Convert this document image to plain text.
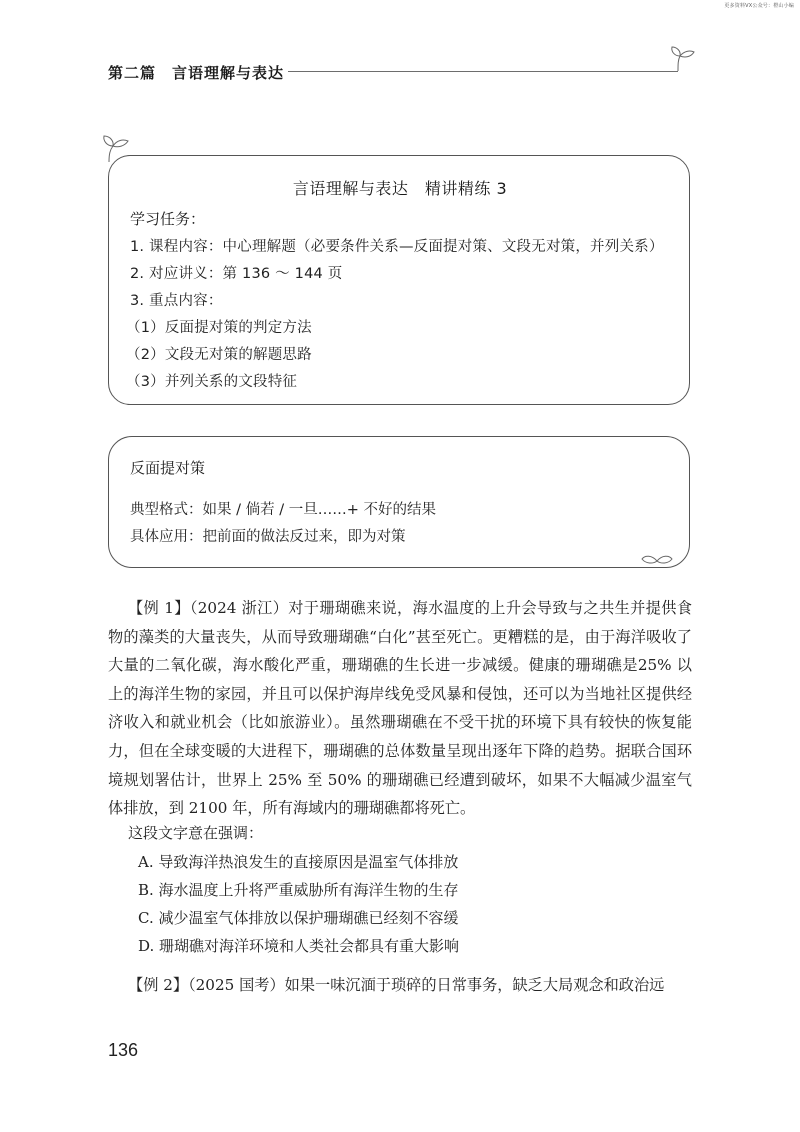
更多资料VX公众号：橙山小编
第二篇　言语理解与表达
言语理解与表达　精讲精练 3
学习任务：
1. 课程内容：中心理解题（必要条件关系—反面提对策、文段无对策，并列关系）
2. 对应讲义：第 136 ～ 144 页
3. 重点内容：
（1）反面提对策的判定方法
（2）文段无对策的解题思路
（3）并列关系的文段特征
反面提对策
典型格式：如果 / 倘若 / 一旦……+ 不好的结果
具体应用：把前面的做法反过来，即为对策
【例 1】（2024 浙江）对于珊瑚礁来说，海水温度的上升会导致与之共生并提供食物的藻类的大量丧失，从而导致珊瑚礁“白化”甚至死亡。更糟糕的是，由于海洋吸收了大量的二氧化碳，海水酸化严重，珊瑚礁的生长进一步减缓。健康的珊瑚礁是25% 以上的海洋生物的家园，并且可以保护海岸线免受风暴和侵蚀，还可以为当地社区提供经济收入和就业机会（比如旅游业）。虽然珊瑚礁在不受干扰的环境下具有较快的恢复能力，但在全球变暖的大进程下，珊瑚礁的总体数量呈现出逐年下降的趋势。据联合国环境规划署估计，世界上 25% 至 50% 的珊瑚礁已经遭到破坏，如果不大幅减少温室气体排放，到 2100 年，所有海域内的珊瑚礁都将死亡。
这段文字意在强调：
A. 导致海洋热浪发生的直接原因是温室气体排放
B. 海水温度上升将严重威胁所有海洋生物的生存
C. 减少温室气体排放以保护珊瑚礁已经刻不容缓
D. 珊瑚礁对海洋环境和人类社会都具有重大影响
【例 2】（2025 国考）如果一味沉湎于琐碎的日常事务，缺乏大局观念和政治远
136
